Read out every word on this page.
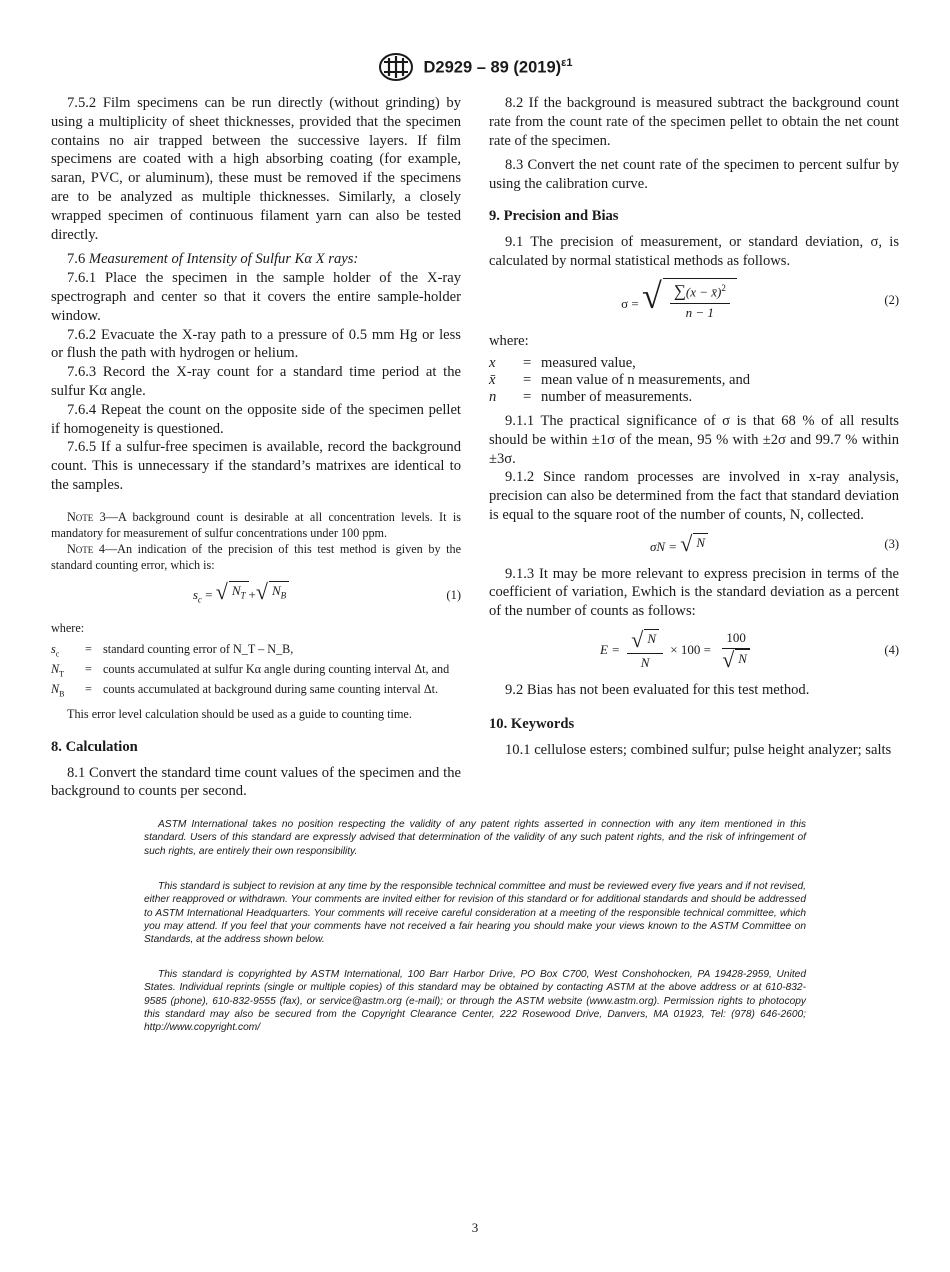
D2929 – 89 $(2019)^{\varepsilon 1}$

7.5.2 Film specimens can be run directly (without grinding) by using a multiplicity of sheet thicknesses, provided that the specimen contains no air trapped between the successive layers. If film specimens are coated with a high absorbing coating (for example, saran, PVC, or aluminum), these must be removed if the specimens are to be analyzed as multiple thicknesses. Similarly, a closely wrapped specimen of continuous filament yarn can also be tested directly.

7.6 Measurement of Intensity of Sulfur Kα X rays:

7.6.1 Place the specimen in the sample holder of the X-ray spectrograph and center so that it covers the entire sample-holder window.

7.6.2 Evacuate the X-ray path to a pressure of 0.5 mm Hg or less or flush the path with hydrogen or helium.

7.6.3 Record the X-ray count for a standard time period at the sulfur Kα angle.

7.6.4 Repeat the count on the opposite side of the specimen pellet if homogeneity is questioned.

7.6.5 If a sulfur-free specimen is available, record the background count. This is unnecessary if the standard’s matrixes are identical to the samples.

Note 3—A background count is desirable at all concentration levels. It is mandatory for measurement of sulfur concentrations under 100 ppm.

Note 4—An indication of the precision of this test method is given by the standard counting error, which is:

$s_c$ = √ $N_T$ + √ $N_B$	(1)
where:
$s_c$	= standard counting error of N_T – N_B,
$N_T$	= counts accumulated at sulfur Kα angle during counting interval Δt, and
$N_B$	= counts accumulated at background during same counting interval Δt.

This error level calculation should be used as a guide to counting time.

8. Calculation

8.1 Convert the standard time count values of the specimen and the background to counts per second.

8.2 If the background is measured subtract the background count rate from the count rate of the specimen pellet to obtain the net count rate of the specimen.

8.3 Convert the net count rate of the specimen to percent sulfur by using the calibration curve.

9. Precision and Bias

9.1 The precision of measurement, or standard deviation, σ, is calculated by normal statistical methods as follows.

σ = √ $\frac{\sum(x - x̄)^2}{n - 1}$	(2)
where:
x	= measured value,
x̄	= mean value of n measurements, and
n	= number of measurements.

9.1.1 The practical significance of σ is that 68 % of all results should be within ±1σ of the mean, 95 % with ±2σ and 99.7 % within ±3σ.

9.1.2 Since random processes are involved in x-ray analysis, precision can also be determined from the fact that standard deviation is equal to the square root of the number of counts, N, collected.

σN = √ N	(3)

9.1.3 It may be more relevant to express precision in terms of the coefficient of variation, Ewhich is the standard deviation as a percent of the number of counts as follows:

$E = \frac{√ N}{N} \times 100 = \frac{100}{√ N}$	(4)

9.2 Bias has not been evaluated for this test method.

10. Keywords

10.1 cellulose esters; combined sulfur; pulse height analyzer; salts

ASTM International takes no position respecting the validity of any patent rights asserted in connection with any item mentioned in this standard. Users of this standard are expressly advised that determination of the validity of any such patent rights, and the risk of infringement of such rights, are entirely their own responsibility.

This standard is subject to revision at any time by the responsible technical committee and must be reviewed every five years and if not revised, either reapproved or withdrawn. Your comments are invited either for revision of this standard or for additional standards and should be addressed to ASTM International Headquarters. Your comments will receive careful consideration at a meeting of the responsible technical committee, which you may attend. If you feel that your comments have not received a fair hearing you should make your views known to the ASTM Committee on Standards, at the address shown below.

This standard is copyrighted by ASTM International, 100 Barr Harbor Drive, PO Box C700, West Conshohocken, PA 19428-2959, United States. Individual reprints (single or multiple copies) of this standard may be obtained by contacting ASTM at the above address or at 610-832-9585 (phone), 610-832-9555 (fax), or service@astm.org (e-mail); or through the ASTM website (www.astm.org). Permission rights to photocopy this standard may also be secured from the Copyright Clearance Center, 222 Rosewood Drive, Danvers, MA 01923, Tel: (978) 646-2600; http://www.copyright.com/

3
